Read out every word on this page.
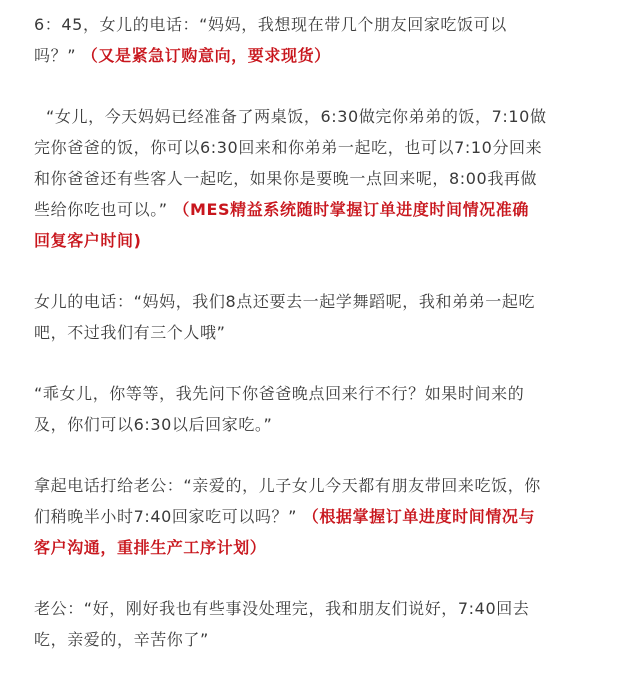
6：45，女儿的电话：“妈妈，我想现在带几个朋友回家吃饭可以
吗？” （又是紧急订购意向，要求现货）

“女儿，今天妈妈已经准备了两桌饭，6:30做完你弟弟的饭，7:10做
完你爸爸的饭，你可以6:30回来和你弟弟一起吃，也可以7:10分回来
和你爸爸还有些客人一起吃，如果你是要晚一点回来呢，8:00我再做
些给你吃也可以。” （MES精益系统随时掌握订单进度时间情况准确
回复客户时间)

女儿的电话：“妈妈，我们8点还要去一起学舞蹈呢，我和弟弟一起吃
吧，不过我们有三个人哦”

“乖女儿，你等等，我先问下你爸爸晚点回来行不行？如果时间来的
及，你们可以6:30以后回家吃。”

拿起电话打给老公：“亲爱的，儿子女儿今天都有朋友带回来吃饭，你
们稍晚半小时7:40回家吃可以吗？” （根据掌握订单进度时间情况与
客户沟通，重排生产工序计划）

老公：“好，刚好我也有些事没处理完，我和朋友们说好，7:40回去
吃，亲爱的，辛苦你了”
